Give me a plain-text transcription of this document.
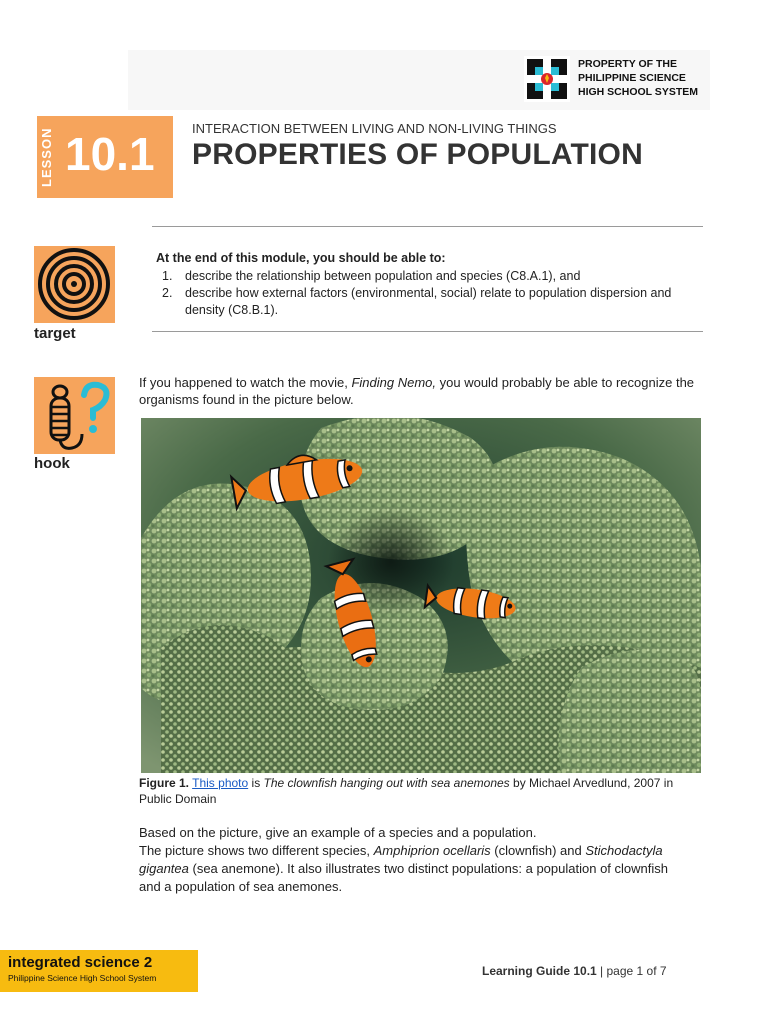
PROPERTY OF THE
PHILIPPINE SCIENCE
HIGH SCHOOL SYSTEM
LESSON 10.1	INTERACTION BETWEEN LIVING AND NON-LIVING THINGS
PROPERTIES OF POPULATION
target
At the end of this module, you should be able to:
1.	describe the relationship between population and species (C8.A.1), and
2.	describe how external factors (environmental, social) relate to population dispersion and density (C8.B.1).
hook
If you happened to watch the movie, Finding Nemo, you would probably be able to recognize the organisms found in the picture below.
Figure 1. This photo is The clownfish hanging out with sea anemones by Michael Arvedlund, 2007 in Public Domain
Based on the picture, give an example of a species and a population.
The picture shows two different species, Amphiprion ocellaris (clownfish) and Stichodactyla gigantea (sea anemone). It also illustrates two distinct populations: a population of clownfish and a population of sea anemones.
integrated science 2
Philippine Science High School System	Learning Guide 10.1 | page 1 of 7
